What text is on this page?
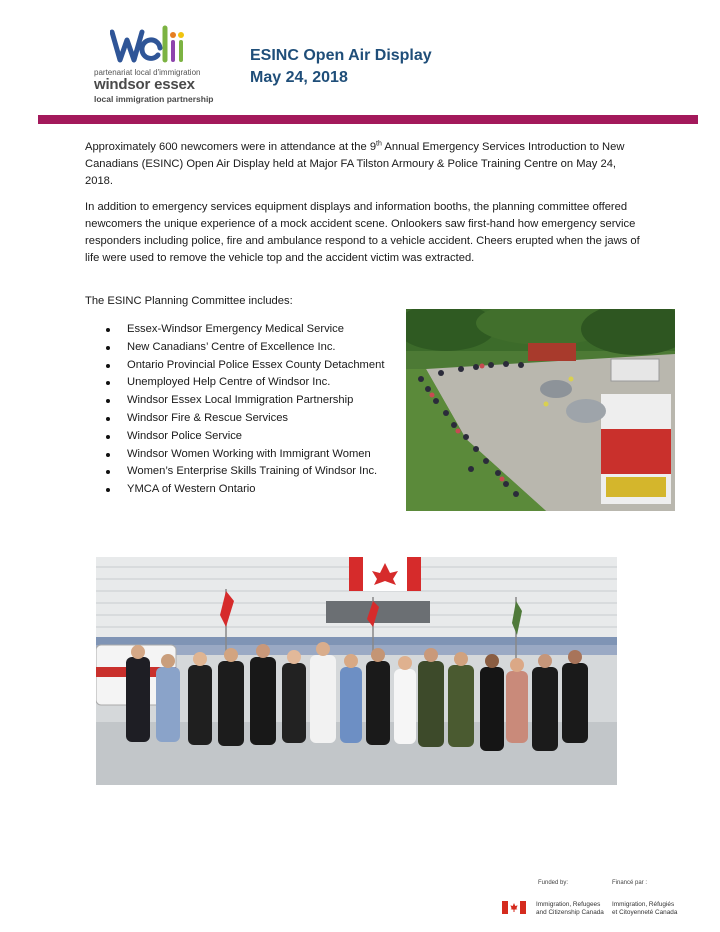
partenariat local d'immigration
windsor essex
local immigration partnership
ESINC Open Air Display
May 24, 2018
Approximately 600 newcomers were in attendance at the 9th Annual Emergency Services Introduction to New Canadians (ESINC) Open Air Display held at Major FA Tilston Armoury & Police Training Centre on May 24, 2018.
In addition to emergency services equipment displays and information booths, the planning committee offered newcomers the unique experience of a mock accident scene. Onlookers saw first-hand how emergency service responders including police, fire and ambulance respond to a vehicle accident. Cheers erupted when the jaws of life were used to remove the vehicle top and the accident victim was extracted.
The ESINC Planning Committee includes:
Essex-Windsor Emergency Medical Service
New Canadians’ Centre of Excellence Inc.
Ontario Provincial Police Essex County Detachment
Unemployed Help Centre of Windsor Inc.
Windsor Essex Local Immigration Partnership
Windsor Fire & Rescue Services
Windsor Police Service
Windsor Women Working with Immigrant Women
Women’s Enterprise Skills Training of Windsor Inc.
YMCA of Western Ontario
Funded by:	Financé par :
Immigration, Refugees
and Citizenship Canada
Immigration, Réfugiés
et Citoyenneté Canada
